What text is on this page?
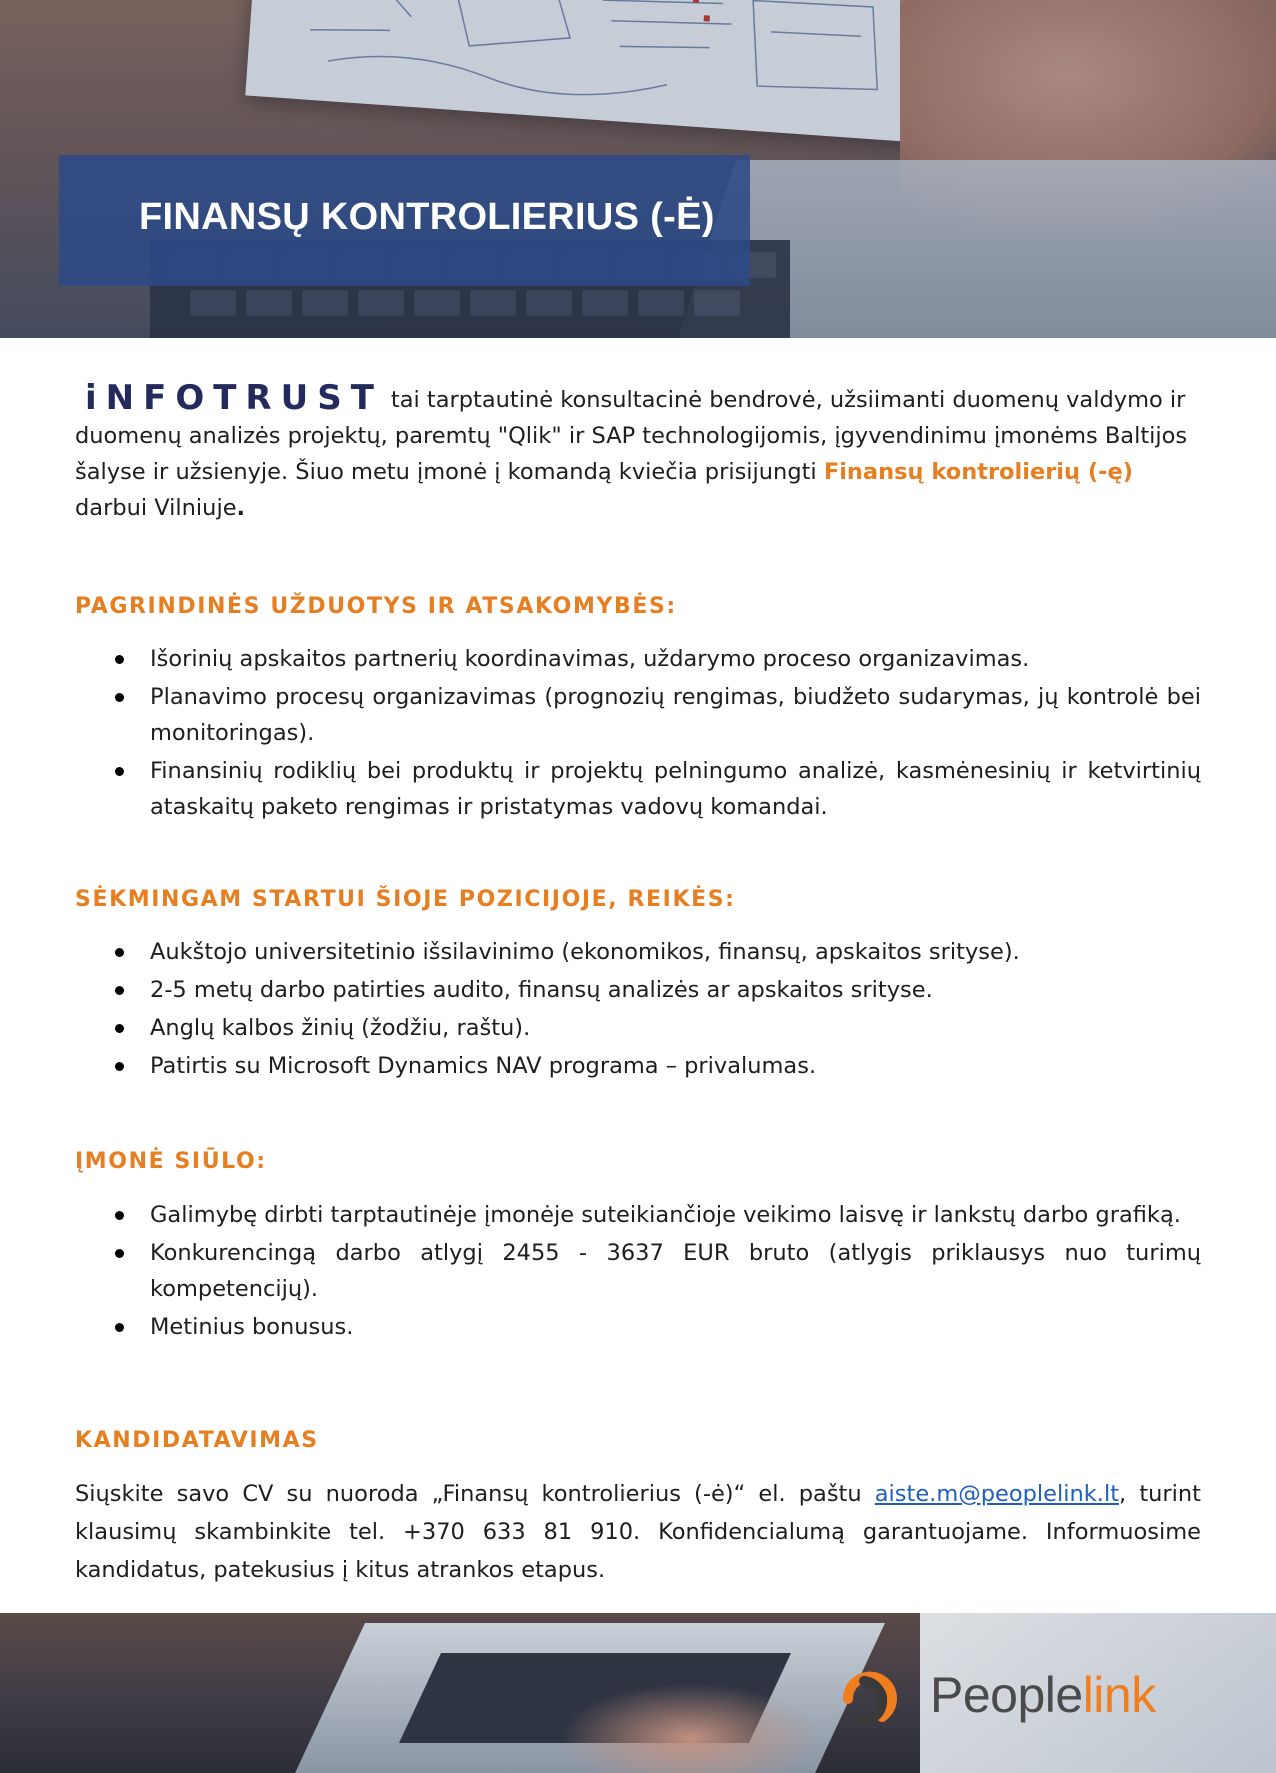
FINANSŲ KONTROLIERIUS (-Ė)

iNFOTRUST tai tarptautinė konsultacinė bendrovė, užsiimanti duomenų valdymo ir duomenų analizės projektų, paremtų "Qlik" ir SAP technologijomis, įgyvendinimu įmonėms Baltijos šalyse ir užsienyje. Šiuo metu įmonė į komandą kviečia prisijungti Finansų kontrolierių (-ę) darbui Vilniuje.

PAGRINDINĖS UŽDUOTYS IR ATSAKOMYBĖS:
Išorinių apskaitos partnerių koordinavimas, uždarymo proceso organizavimas.
Planavimo procesų organizavimas (prognozių rengimas, biudžeto sudarymas, jų kontrolė bei monitoringas).
Finansinių rodiklių bei produktų ir projektų pelningumo analizė, kasmėnesinių ir ketvirtinių ataskaitų paketo rengimas ir pristatymas vadovų komandai.
SĖKMINGAM STARTUI ŠIOJE POZICIJOJE, REIKĖS:
Aukštojo universitetinio išsilavinimo (ekonomikos, finansų, apskaitos srityse).
2-5 metų darbo patirties audito, finansų analizės ar apskaitos srityse.
Anglų kalbos žinių (žodžiu, raštu).
Patirtis su Microsoft Dynamics NAV programa – privalumas.
ĮMONĖ SIŪLO:
Galimybę dirbti tarptautinėje įmonėje suteikiančioje veikimo laisvę ir lankstų darbo grafiką.
Konkurencingą darbo atlygį 2455 - 3637 EUR bruto (atlygis priklausys nuo turimų kompetencijų).
Metinius bonusus.
KANDIDATAVIMAS

Siųskite savo CV su nuoroda „Finansų kontrolierius (-ė)“ el. paštu aiste.m@peoplelink.lt, turint klausimų skambinkite tel. +370 633 81 910. Konfidencialumą garantuojame. Informuosime kandidatus, patekusius į kitus atrankos etapus.

Peoplelink
